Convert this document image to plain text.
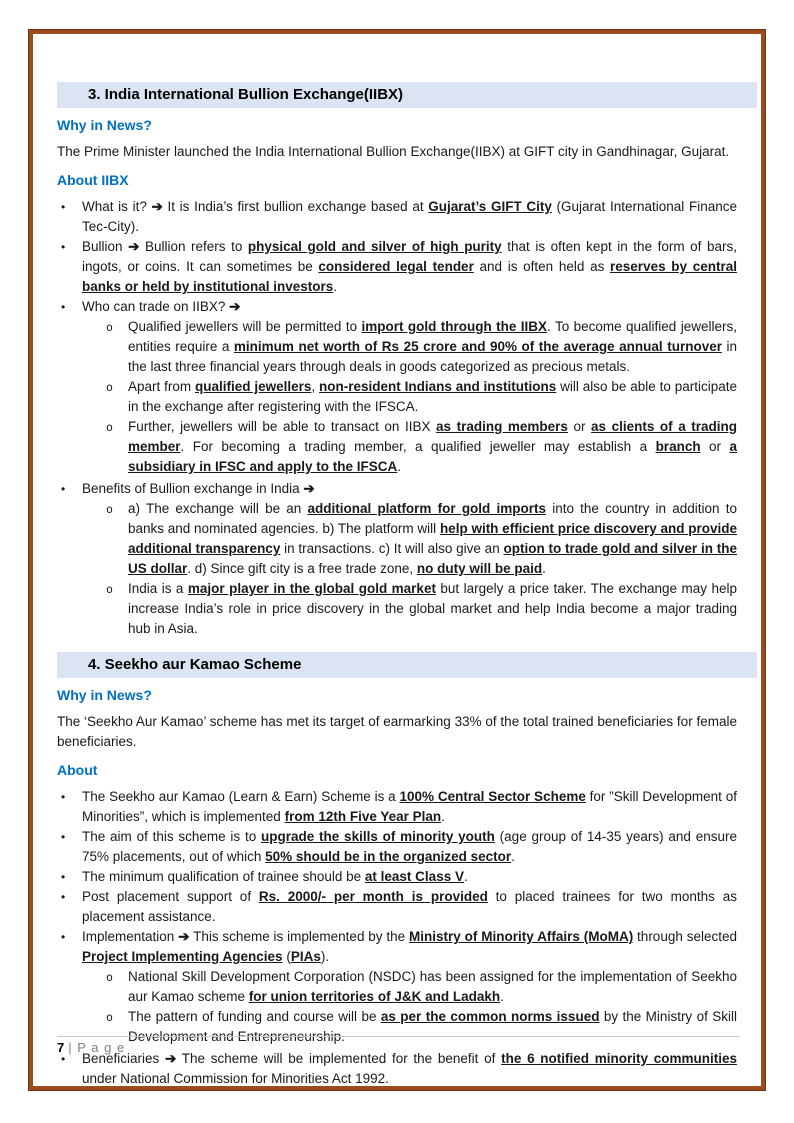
3. India International Bullion Exchange(IIBX)
Why in News?
The Prime Minister launched the India International Bullion Exchange(IIBX) at GIFT city in Gandhinagar, Gujarat.
About IIBX
• What is it? ➔ It is India’s first bullion exchange based at Gujarat’s GIFT City (Gujarat International Finance Tec-City).
• Bullion ➔ Bullion refers to physical gold and silver of high purity that is often kept in the form of bars, ingots, or coins. It can sometimes be considered legal tender and is often held as reserves by central banks or held by institutional investors.
• Who can trade on IIBX? ➔
o Qualified jewellers will be permitted to import gold through the IIBX. To become qualified jewellers, entities require a minimum net worth of Rs 25 crore and 90% of the average annual turnover in the last three financial years through deals in goods categorized as precious metals.
o Apart from qualified jewellers, non-resident Indians and institutions will also be able to participate in the exchange after registering with the IFSCA.
o Further, jewellers will be able to transact on IIBX as trading members or as clients of a trading member. For becoming a trading member, a qualified jeweller may establish a branch or a subsidiary in IFSC and apply to the IFSCA.
• Benefits of Bullion exchange in India ➔
o a) The exchange will be an additional platform for gold imports into the country in addition to banks and nominated agencies. b) The platform will help with efficient price discovery and provide additional transparency in transactions. c) It will also give an option to trade gold and silver in the US dollar. d) Since gift city is a free trade zone, no duty will be paid.
o India is a major player in the global gold market but largely a price taker. The exchange may help increase India’s role in price discovery in the global market and help India become a major trading hub in Asia.
4. Seekho aur Kamao Scheme
Why in News?
The ‘Seekho Aur Kamao’ scheme has met its target of earmarking 33% of the total trained beneficiaries for female beneficiaries.
About
• The Seekho aur Kamao (Learn & Earn) Scheme is a 100% Central Sector Scheme for ”Skill Development of Minorities”, which is implemented from 12th Five Year Plan.
• The aim of this scheme is to upgrade the skills of minority youth (age group of 14-35 years) and ensure 75% placements, out of which 50% should be in the organized sector.
• The minimum qualification of trainee should be at least Class V.
• Post placement support of Rs. 2000/- per month is provided to placed trainees for two months as placement assistance.
• Implementation ➔ This scheme is implemented by the Ministry of Minority Affairs (MoMA) through selected Project Implementing Agencies (PIAs).
o National Skill Development Corporation (NSDC) has been assigned for the implementation of Seekho aur Kamao scheme for union territories of J&K and Ladakh.
o The pattern of funding and course will be as per the common norms issued by the Ministry of Skill Development and Entrepreneurship.
• Beneficiaries ➔ The scheme will be implemented for the benefit of the 6 notified minority communities under National Commission for Minorities Act 1992.
7 | P a g e
